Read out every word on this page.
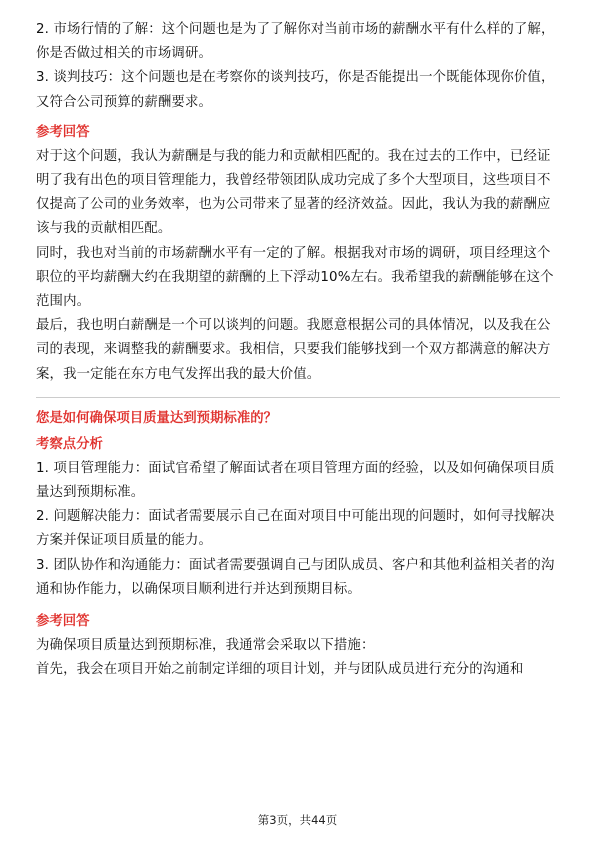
2. 市场行情的了解：这个问题也是为了了解你对当前市场的薪酬水平有什么样的了解，你是否做过相关的市场调研。

3. 谈判技巧：这个问题也是在考察你的谈判技巧，你是否能提出一个既能体现你价值，又符合公司预算的薪酬要求。

参考回答

对于这个问题，我认为薪酬是与我的能力和贡献相匹配的。我在过去的工作中，已经证明了我有出色的项目管理能力，我曾经带领团队成功完成了多个大型项目，这些项目不仅提高了公司的业务效率，也为公司带来了显著的经济效益。因此，我认为我的薪酬应该与我的贡献相匹配。

同时，我也对当前的市场薪酬水平有一定的了解。根据我对市场的调研，项目经理这个职位的平均薪酬大约在我期望的薪酬的上下浮动10%左右。我希望我的薪酬能够在这个范围内。

最后，我也明白薪酬是一个可以谈判的问题。我愿意根据公司的具体情况，以及我在公司的表现，来调整我的薪酬要求。我相信，只要我们能够找到一个双方都满意的解决方案，我一定能在东方电气发挥出我的最大价值。

您是如何确保项目质量达到预期标准的？
考察点分析

1. 项目管理能力：面试官希望了解面试者在项目管理方面的经验，以及如何确保项目质量达到预期标准。

2. 问题解决能力：面试者需要展示自己在面对项目中可能出现的问题时，如何寻找解决方案并保证项目质量的能力。

3. 团队协作和沟通能力：面试者需要强调自己与团队成员、客户和其他利益相关者的沟通和协作能力，以确保项目顺利进行并达到预期目标。

参考回答

为确保项目质量达到预期标准，我通常会采取以下措施：

首先，我会在项目开始之前制定详细的项目计划，并与团队成员进行充分的沟通和

第3页，共44页
